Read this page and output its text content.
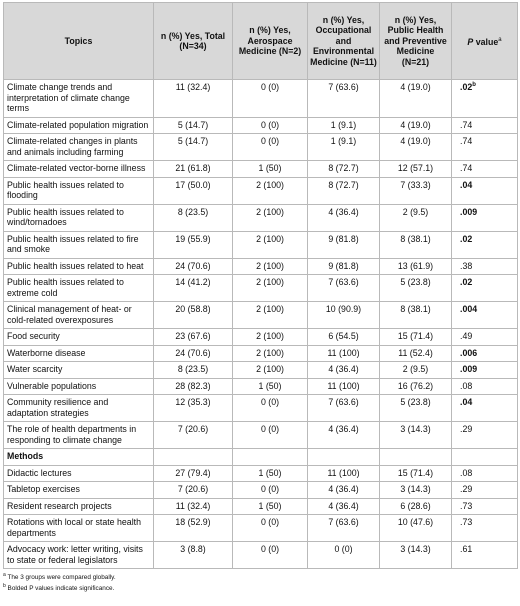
Topics	n (%) Yes, Total (N=34)	n (%) Yes, Aerospace Medicine (N=2)	n (%) Yes, Occupational and Environmental Medicine (N=11)	n (%) Yes, Public Health and Preventive Medicine (N=21)	P value$^a$
Climate change trends and interpretation of climate change terms	11 (32.4)	0 (0)	7 (63.6)	4 (19.0)	.02$^b$
Climate-related population migration	5 (14.7)	0 (0)	1 (9.1)	4 (19.0)	.74
Climate-related changes in plants and animals including farming	5 (14.7)	0 (0)	1 (9.1)	4 (19.0)	.74
Climate-related vector-borne illness	21 (61.8)	1 (50)	8 (72.7)	12 (57.1)	.74
Public health issues related to flooding	17 (50.0)	2 (100)	8 (72.7)	7 (33.3)	.04
Public health issues related to wind/tornadoes	8 (23.5)	2 (100)	4 (36.4)	2 (9.5)	.009
Public health issues related to fire and smoke	19 (55.9)	2 (100)	9 (81.8)	8 (38.1)	.02
Public health issues related to heat	24 (70.6)	2 (100)	9 (81.8)	13 (61.9)	.38
Public health issues related to extreme cold	14 (41.2)	2 (100)	7 (63.6)	5 (23.8)	.02
Clinical management of heat- or cold-related overexposures	20 (58.8)	2 (100)	10 (90.9)	8 (38.1)	.004
Food security	23 (67.6)	2 (100)	6 (54.5)	15 (71.4)	.49
Waterborne disease	24 (70.6)	2 (100)	11 (100)	11 (52.4)	.006
Water scarcity	8 (23.5)	2 (100)	4 (36.4)	2 (9.5)	.009
Vulnerable populations	28 (82.3)	1 (50)	11 (100)	16 (76.2)	.08
Community resilience and adaptation strategies	12 (35.3)	0 (0)	7 (63.6)	5 (23.8)	.04
The role of health departments in responding to climate change	7 (20.6)	0 (0)	4 (36.4)	3 (14.3)	.29
Methods					
Didactic lectures	27 (79.4)	1 (50)	11 (100)	15 (71.4)	.08
Tabletop exercises	7 (20.6)	0 (0)	4 (36.4)	3 (14.3)	.29
Resident research projects	11 (32.4)	1 (50)	4 (36.4)	6 (28.6)	.73
Rotations with local or state health departments	18 (52.9)	0 (0)	7 (63.6)	10 (47.6)	.73
Advocacy work: letter writing, visits to state or federal legislators	3 (8.8)	0 (0)	0 (0)	3 (14.3)	.61
$^a$ The 3 groups were compared globally.
$^b$ Bolded P values indicate significance.
